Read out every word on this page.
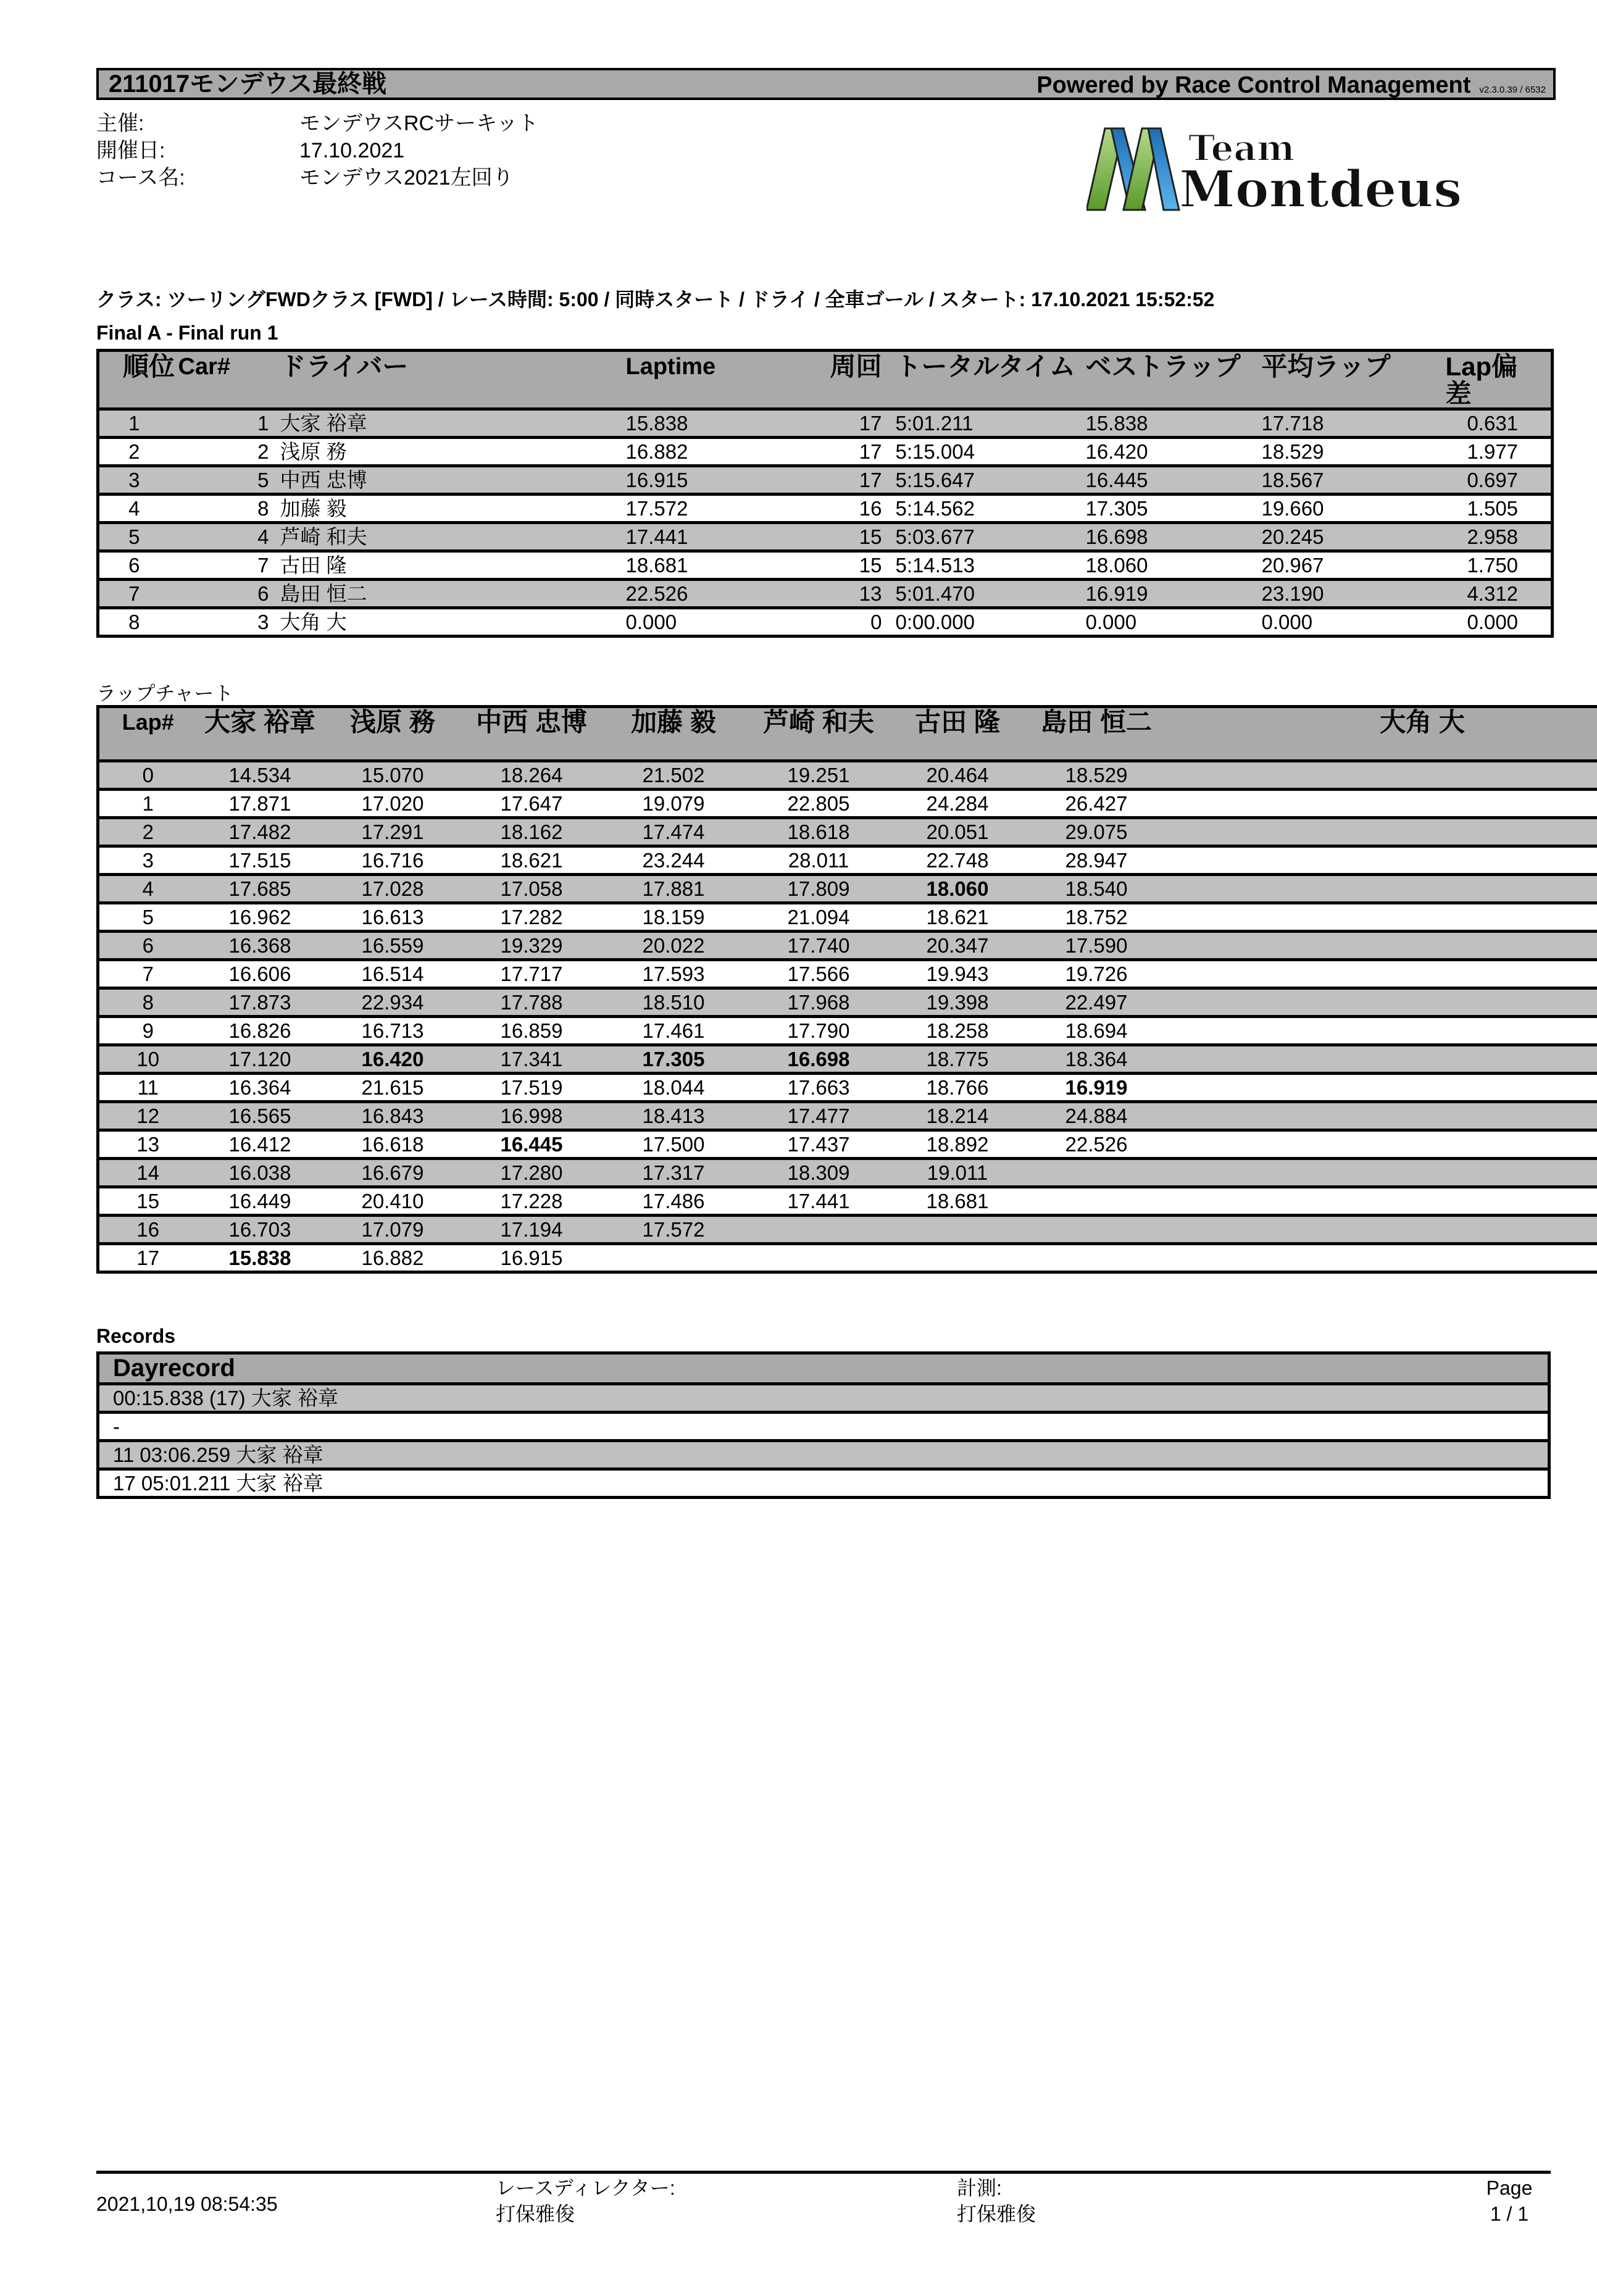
211017モンデウス最終戦	Powered by Race Control Management v2.3.0.39 / 6532
主催:	モンデウスRCサーキット
開催日:	17.10.2021
コース名:	モンデウス2021左回り
Team
Montdeus
クラス: ツーリングFWDクラス [FWD] / レース時間: 5:00 / 同時スタート / ドライ / 全車ゴール / スタート: 17.10.2021 15:52:52
Final A - Final run 1
順位	Car#	ドライバー	Laptime	周回	トータルタイム	ベストラップ	平均ラップ	Lap偏差
1	1	大家 裕章	15.838	17	5:01.211	15.838	17.718	0.631
2	2	浅原 務	16.882	17	5:15.004	16.420	18.529	1.977
3	5	中西 忠博	16.915	17	5:15.647	16.445	18.567	0.697
4	8	加藤 毅	17.572	16	5:14.562	17.305	19.660	1.505
5	4	芦崎 和夫	17.441	15	5:03.677	16.698	20.245	2.958
6	7	古田 隆	18.681	15	5:14.513	18.060	20.967	1.750
7	6	島田 恒二	22.526	13	5:01.470	16.919	23.190	4.312
8	3	大角 大	0.000	0	0:00.000	0.000	0.000	0.000
ラップチャート
Lap#	大家 裕章	浅原 務	中西 忠博	加藤 毅	芦崎 和夫	古田 隆	島田 恒二	大角 大	
0	14.534	15.070	18.264	21.502	19.251	20.464	18.529		
1	17.871	17.020	17.647	19.079	22.805	24.284	26.427		
2	17.482	17.291	18.162	17.474	18.618	20.051	29.075		
3	17.515	16.716	18.621	23.244	28.011	22.748	28.947		
4	17.685	17.028	17.058	17.881	17.809	18.060	18.540		
5	16.962	16.613	17.282	18.159	21.094	18.621	18.752		
6	16.368	16.559	19.329	20.022	17.740	20.347	17.590		
7	16.606	16.514	17.717	17.593	17.566	19.943	19.726		
8	17.873	22.934	17.788	18.510	17.968	19.398	22.497		
9	16.826	16.713	16.859	17.461	17.790	18.258	18.694		
10	17.120	16.420	17.341	17.305	16.698	18.775	18.364		
11	16.364	21.615	17.519	18.044	17.663	18.766	16.919		
12	16.565	16.843	16.998	18.413	17.477	18.214	24.884		
13	16.412	16.618	16.445	17.500	17.437	18.892	22.526		
14	16.038	16.679	17.280	17.317	18.309	19.011			
15	16.449	20.410	17.228	17.486	17.441	18.681			
16	16.703	17.079	17.194	17.572					
17	15.838	16.882	16.915						
Records
Dayrecord
00:15.838 (17) 大家 裕章
-
11 03:06.259 大家 裕章
17 05:01.211 大家 裕章
2021,10,19 08:54:35
レースディレクター:
打保雅俊
計測:
打保雅俊
Page
1 / 1
